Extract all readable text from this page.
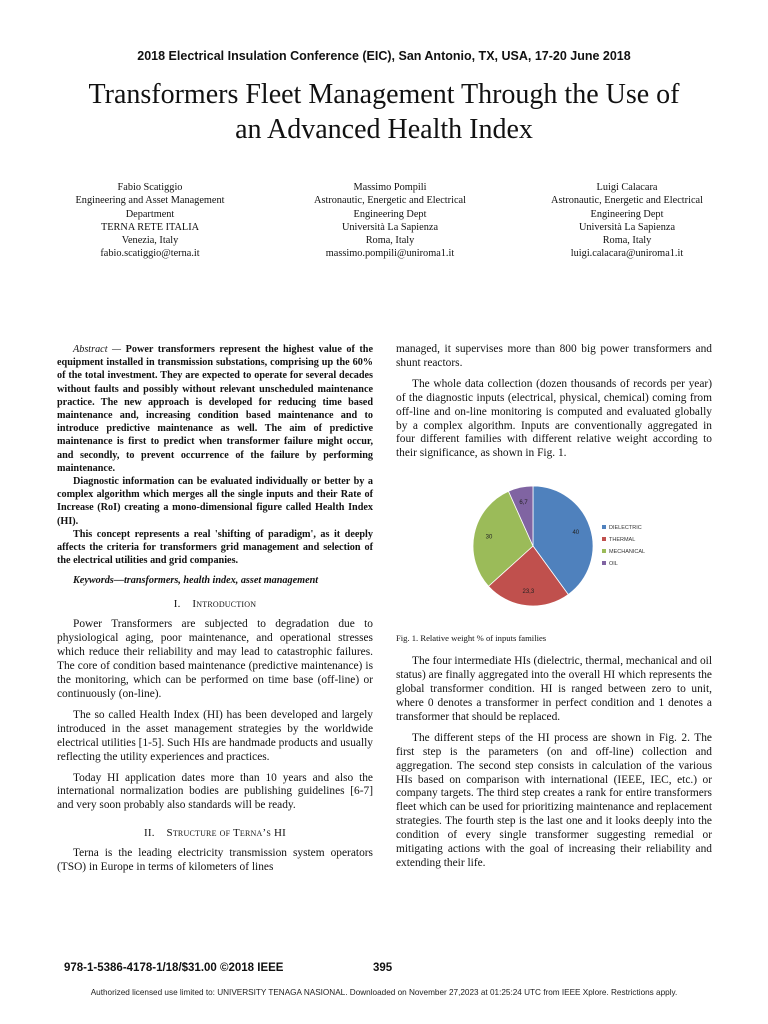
2018 Electrical Insulation Conference (EIC), San Antonio, TX, USA, 17-20 June 2018
Transformers Fleet Management Through the Use of
an Advanced Health Index
Fabio Scatiggio
Engineering and Asset Management
Department
TERNA RETE ITALIA
Venezia, Italy
fabio.scatiggio@terna.it
Massimo Pompili
Astronautic, Energetic and Electrical
Engineering Dept
Università La Sapienza
Roma, Italy
massimo.pompili@uniroma1.it
Luigi Calacara
Astronautic, Energetic and Electrical
Engineering Dept
Università La Sapienza
Roma, Italy
luigi.calacara@uniroma1.it

Abstract — Power transformers represent the highest value of the equipment installed in transmission substations, comprising up the 60% of the total investment. They are expected to operate for several decades without faults and possibly without relevant unscheduled maintenance practice. The new approach is developed for reducing time based maintenance and, increasing condition based maintenance and to introduce predictive maintenance as well. The aim of predictive maintenance is first to predict when transformer failure might occur, and secondly, to prevent occurrence of the failure by performing maintenance.

Diagnostic information can be evaluated individually or better by a complex algorithm which merges all the single inputs and their Rate of Increase (RoI) creating a mono-dimensional figure called Health Index (HI).

This concept represents a real 'shifting of paradigm', as it deeply affects the criteria for transformers grid management and selection of the electrical utilities and grid companies.

Keywords—transformers, health index, asset management

I. Introduction

Power Transformers are subjected to degradation due to physiological aging, poor maintenance, and operational stresses which reduce their reliability and may lead to catastrophic failures. The core of condition based maintenance (predictive maintenance) is the monitoring, which can be performed on time base (off-line) or continuously (on-line).

The so called Health Index (HI) has been developed and largely introduced in the asset management strategies by the worldwide electrical utilities [1-5]. Such HIs are handmade products and usually reflecting the utility experiences and practices.

Today HI application dates more than 10 years and also the international normalization bodies are publishing guidelines [6-7] and very soon probably also standards will be ready.

II. Structure of Terna’s HI

Terna is the leading electricity transmission system operators (TSO) in Europe in terms of kilometers of lines

managed, it supervises more than 800 big power transformers and shunt reactors.

The whole data collection (dozen thousands of records per year) of the diagnostic inputs (electrical, physical, chemical) coming from off-line and on-line monitoring is computed and evaluated globally by a complex algorithm. Inputs are conventionally aggregated in four different families with different relative weight according to their significance, as shown in Fig. 1.

40
23,3
30
6,7
DIELECTRIC
THERMAL
MECHANICAL
OIL
Fig. 1. Relative weight % of inputs families

The four intermediate HIs (dielectric, thermal, mechanical and oil status) are finally aggregated into the overall HI which represents the global transformer condition. HI is ranged between zero to unit, where 0 denotes a transformer in perfect condition and 1 denotes a transformer that should be replaced.

The different steps of the HI process are shown in Fig. 2. The first step is the parameters (on and off-line) collection and aggregation. The second step consists in calculation of the various HIs based on comparison with international (IEEE, IEC, etc.) or company targets. The third step creates a rank for entire transformers fleet which can be used for prioritizing maintenance and replacement strategies. The fourth step is the last one and it looks deeply into the condition of every single transformer suggesting remedial or mitigating actions with the goal of increasing their reliability and extending their life.

978-1-5386-4178-1/18/$31.00 ©2018 IEEE	395
Authorized licensed use limited to: UNIVERSITY TENAGA NASIONAL. Downloaded on November 27,2023 at 01:25:24 UTC from IEEE Xplore. Restrictions apply.
